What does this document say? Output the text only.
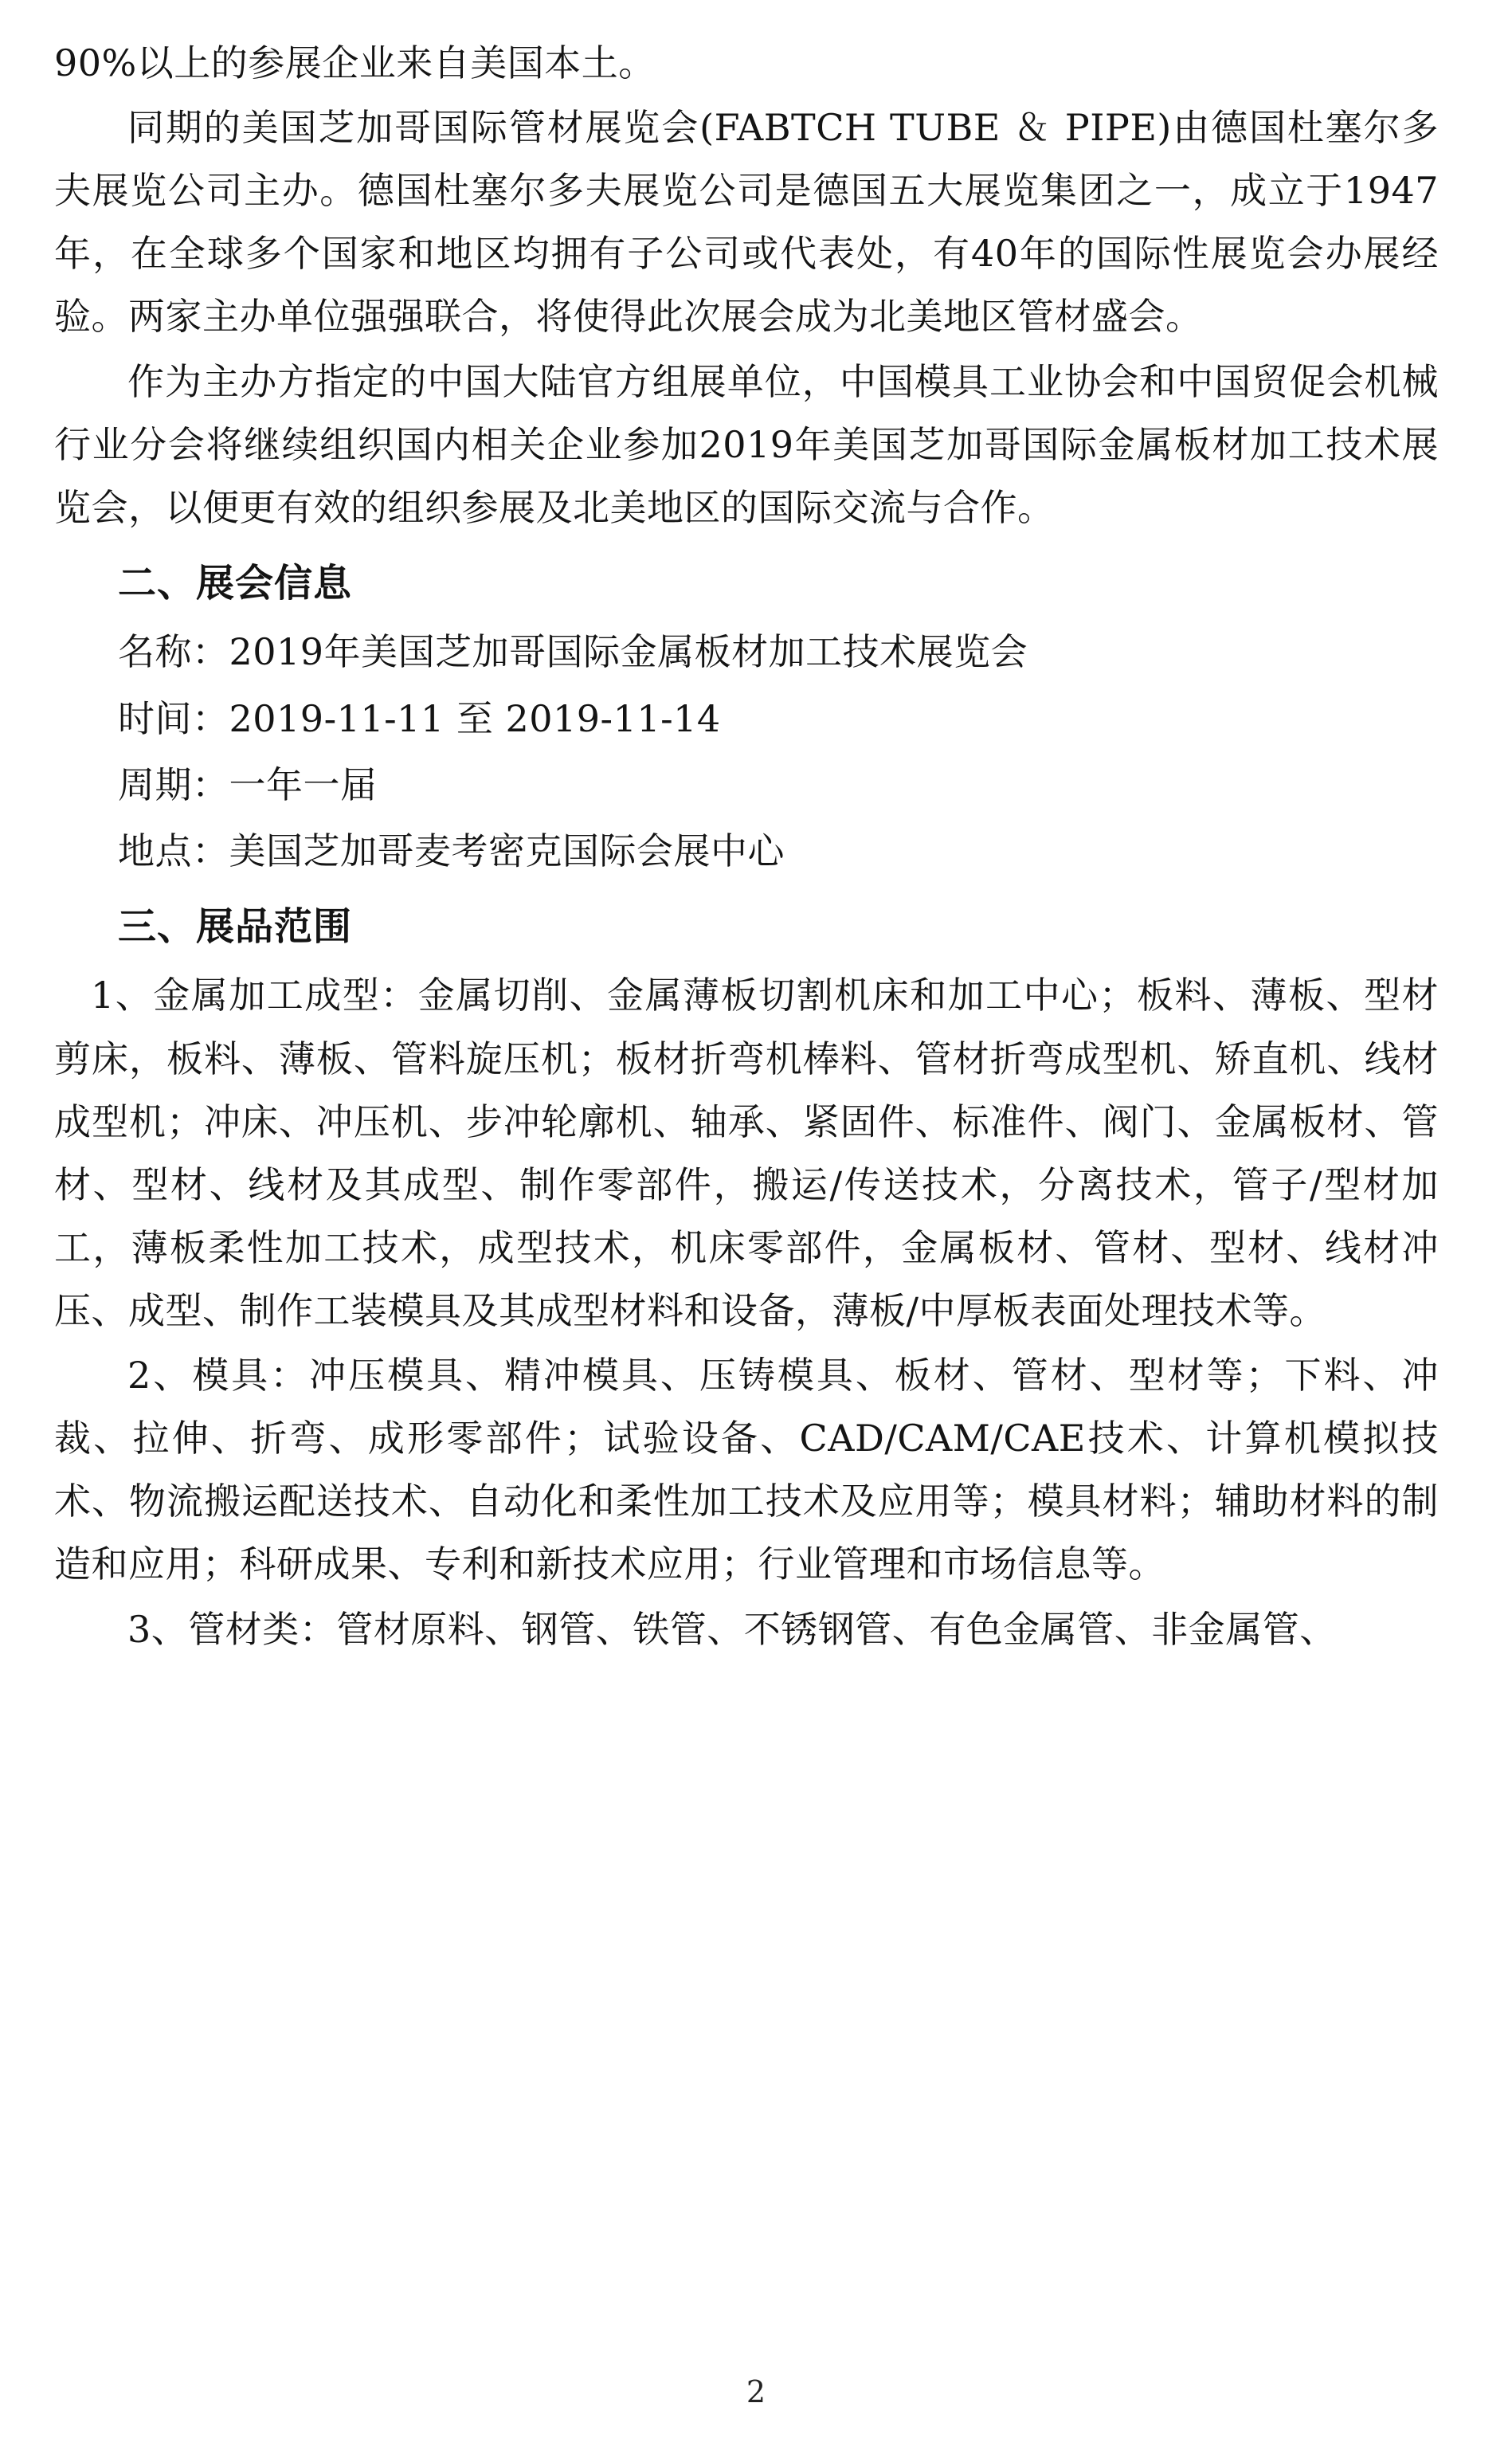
90%以上的参展企业来自美国本土。

同期的美国芝加哥国际管材展览会(FABTCH TUBE ＆ PIPE)由德国杜塞尔多夫展览公司主办。德国杜塞尔多夫展览公司是德国五大展览集团之一，成立于1947年，在全球多个国家和地区均拥有子公司或代表处，有40年的国际性展览会办展经验。两家主办单位强强联合，将使得此次展会成为北美地区管材盛会。

作为主办方指定的中国大陆官方组展单位，中国模具工业协会和中国贸促会机械行业分会将继续组织国内相关企业参加2019年美国芝加哥国际金属板材加工技术展览会，以便更有效的组织参展及北美地区的国际交流与合作。

二、展会信息

名称：2019年美国芝加哥国际金属板材加工技术展览会

时间：2019-11-11 至 2019-11-14

周期：一年一届

地点：美国芝加哥麦考密克国际会展中心

三、展品范围

1、金属加工成型：金属切削、金属薄板切割机床和加工中心；板料、薄板、型材剪床，板料、薄板、管料旋压机；板材折弯机棒料、管材折弯成型机、矫直机、线材成型机；冲床、冲压机、步冲轮廓机、轴承、紧固件、标准件、阀门、金属板材、管材、型材、线材及其成型、制作零部件，搬运/传送技术，分离技术，管子/型材加工，薄板柔性加工技术，成型技术，机床零部件，金属板材、管材、型材、线材冲压、成型、制作工装模具及其成型材料和设备，薄板/中厚板表面处理技术等。

2、模具：冲压模具、精冲模具、压铸模具、板材、管材、型材等；下料、冲裁、拉伸、折弯、成形零部件；试验设备、CAD/CAM/CAE技术、计算机模拟技术、物流搬运配送技术、自动化和柔性加工技术及应用等；模具材料；辅助材料的制造和应用；科研成果、专利和新技术应用；行业管理和市场信息等。

3、管材类：管材原料、钢管、铁管、不锈钢管、有色金属管、非金属管、

2
